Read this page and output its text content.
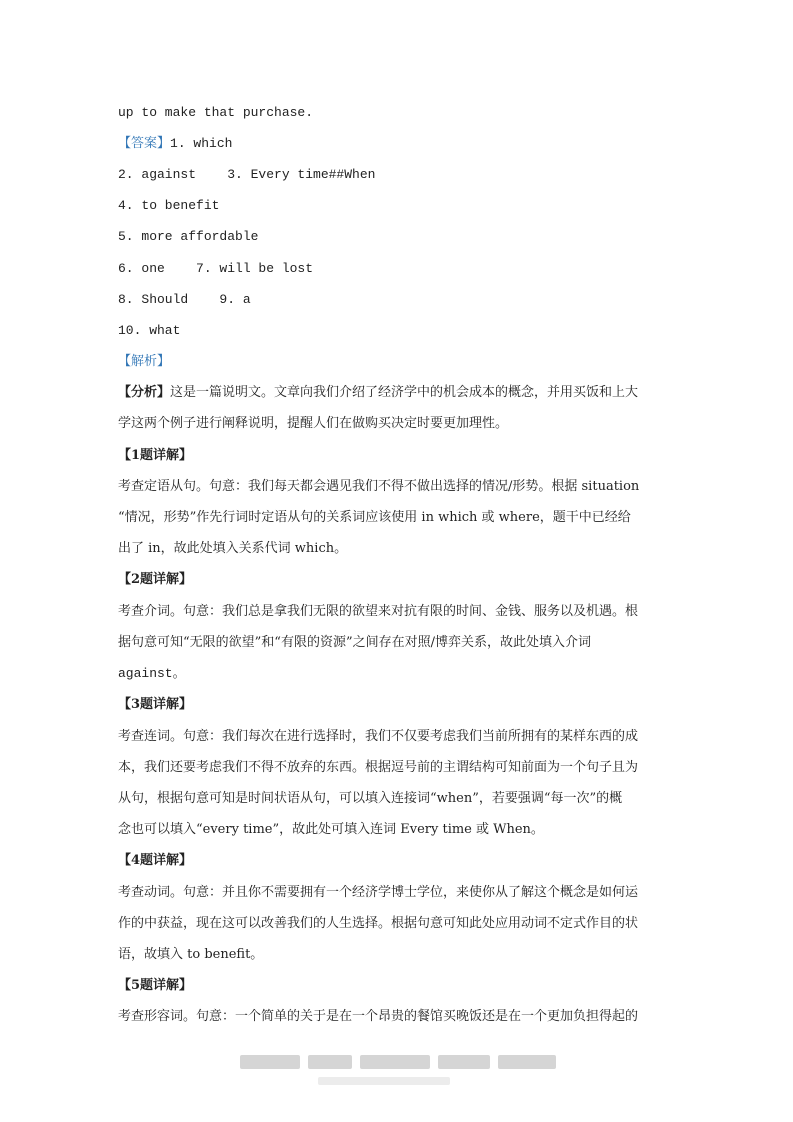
up to make that purchase.
【答案】1. which
2. against    3. Every time##When
4. to benefit
5. more affordable
6. one    7. will be lost
8. Should    9. a
10. what
【解析】
【分析】这是一篇说明文。文章向我们介绍了经济学中的机会成本的概念，并用买饭和上大
学这两个例子进行阐释说明，提醒人们在做购买决定时要更加理性。
【1题详解】
考查定语从句。句意：我们每天都会遇见我们不得不做出选择的情况/形势。根据 situation
“情况，形势”作先行词时定语从句的关系词应该使用 in which 或 where，题干中已经给
出了 in，故此处填入关系代词 which。
【2题详解】
考查介词。句意：我们总是拿我们无限的欲望来对抗有限的时间、金钱、服务以及机遇。根
据句意可知“无限的欲望”和“有限的资源”之间存在对照/博弈关系，故此处填入介词
against。
【3题详解】
考查连词。句意：我们每次在进行选择时，我们不仅要考虑我们当前所拥有的某样东西的成
本，我们还要考虑我们不得不放弃的东西。根据逗号前的主谓结构可知前面为一个句子且为
从句，根据句意可知是时间状语从句，可以填入连接词“when”，若要强调“每一次”的概
念也可以填入“every time”，故此处可填入连词 Every time 或 When。
【4题详解】
考查动词。句意：并且你不需要拥有一个经济学博士学位，来使你从了解这个概念是如何运
作的中获益，现在这可以改善我们的人生选择。根据句意可知此处应用动词不定式作目的状
语，故填入 to benefit。
【5题详解】
考查形容词。句意：一个简单的关于是在一个昂贵的餐馆买晚饭还是在一个更加负担得起的
